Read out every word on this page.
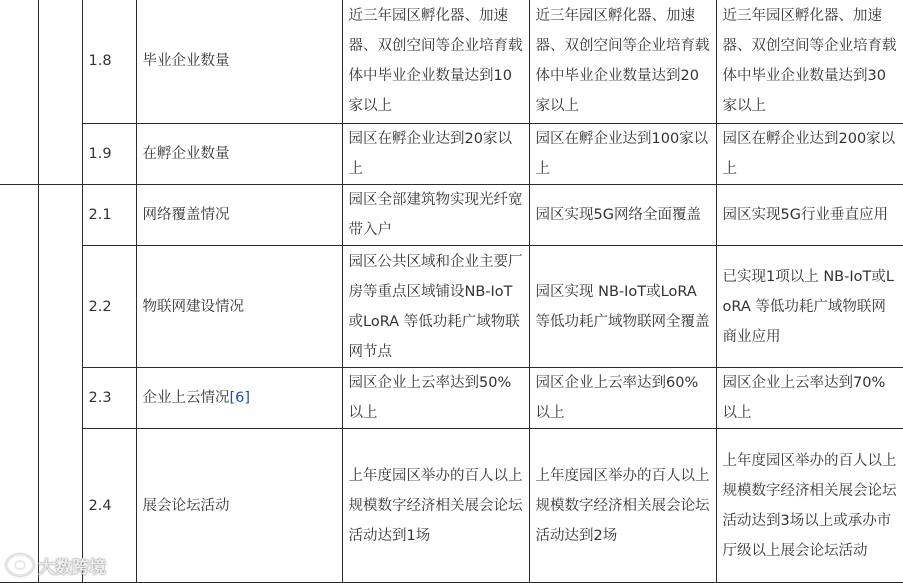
		1.8	毕业企业数量	近三年园区孵化器、加速器、双创空间等企业培育载体中毕业企业数量达到10家以上	近三年园区孵化器、加速器、双创空间等企业培育载体中毕业企业数量达到20家以上	近三年园区孵化器、加速器、双创空间等企业培育载体中毕业企业数量达到30家以上
		1.9	在孵企业数量	园区在孵企业达到20家以上	园区在孵企业达到100家以上	园区在孵企业达到200家以上
		2.1	网络覆盖情况	园区全部建筑物实现光纤宽带入户	园区实现5G网络全面覆盖	园区实现5G行业垂直应用
		2.2	物联网建设情况	园区公共区域和企业主要厂房等重点区域铺设NB-IoT或LoRA 等低功耗广域物联网节点	园区实现 NB-IoT或LoRA 等低功耗广域物联网全覆盖	已实现1项以上 NB-IoT或LoRA 等低功耗广域物联网商业应用
		2.3	企业上云情况[6]	园区企业上云率达到50%以上	园区企业上云率达到60%以上	园区企业上云率达到70%以上
		2.4	展会论坛活动	上年度园区举办的百人以上规模数字经济相关展会论坛活动达到1场	上年度园区举办的百人以上规模数字经济相关展会论坛活动达到2场	上年度园区举办的百人以上规模数字经济相关展会论坛活动达到3场以上或承办市厅级以上展会论坛活动
大数跨境
